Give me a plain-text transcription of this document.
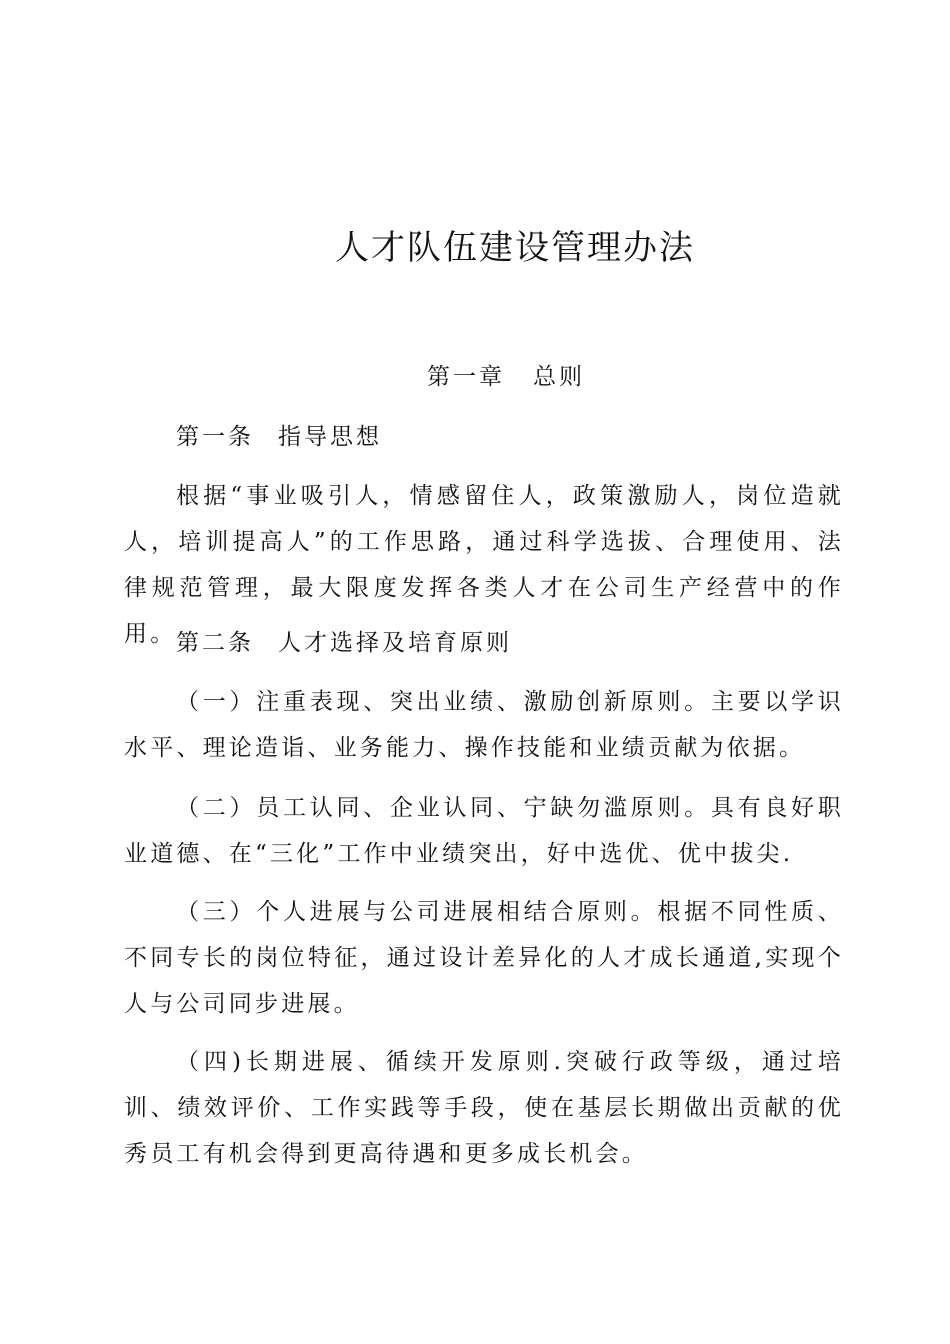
人才队伍建设管理办法
第一章 总则
第一条 指导思想

根据“事业吸引人，情感留住人，政策激励人，岗位造就人，培训提高人”的工作思路，通过科学选拔、合理使用、法律规范管理，最大限度发挥各类人才在公司生产经营中的作用。 第二条 人才选择及培育原则

（一）注重表现、突出业绩、激励创新原则。主要以学识水平、理论造诣、业务能力、操作技能和业绩贡献为依据。

（二）员工认同、企业认同、宁缺勿滥原则。具有良好职业道德、在“三化”工作中业绩突出，好中选优、优中拔尖.

（三）个人进展与公司进展相结合原则。根据不同性质、不同专长的岗位特征，通过设计差异化的人才成长通道,实现个人与公司同步进展。

（四)长期进展、循续开发原则.突破行政等级，通过培训、绩效评价、工作实践等手段，使在基层长期做出贡献的优秀员工有机会得到更高待遇和更多成长机会。
